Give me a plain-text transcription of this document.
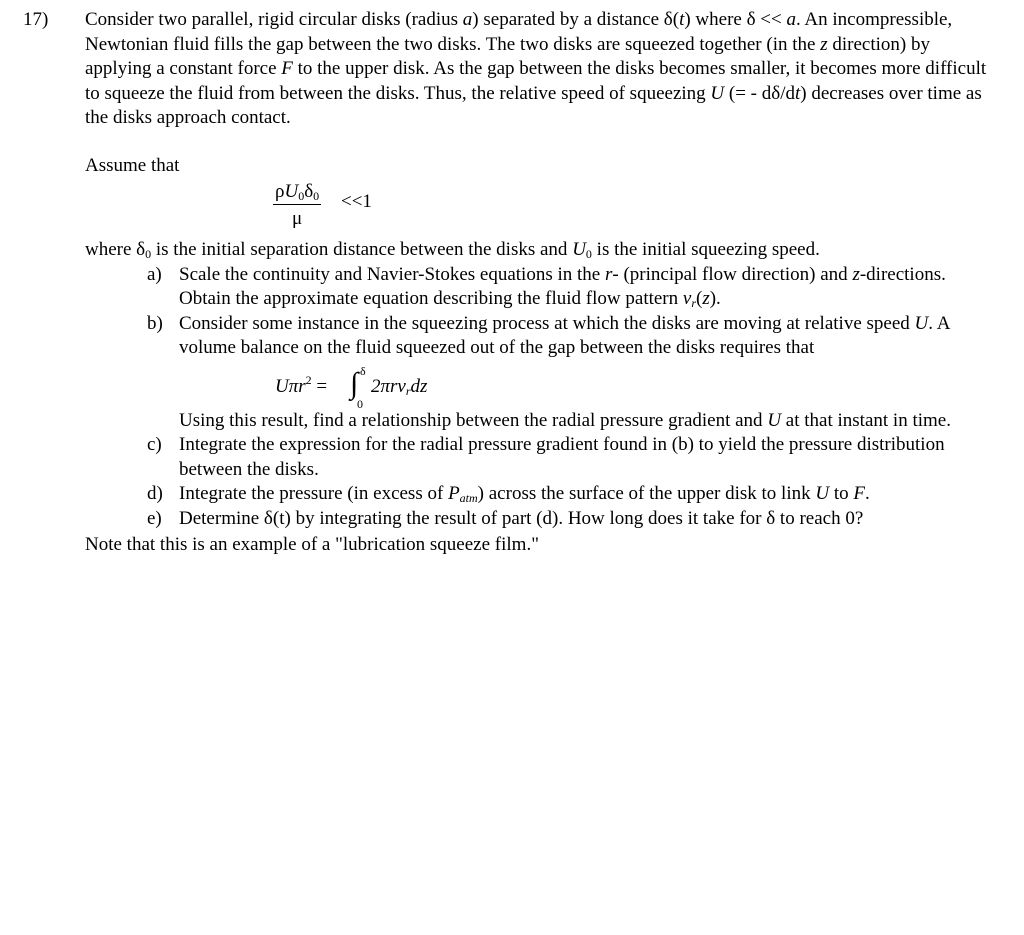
17) Consider two parallel, rigid circular disks (radius a) separated by a distance δ(t) where δ << a. An incompressible, Newtonian fluid fills the gap between the two disks. The two disks are squeezed together (in the z direction) by applying a constant force F to the upper disk. As the gap between the disks becomes smaller, it becomes more difficult to squeeze the fluid from between the disks. Thus, the relative speed of squeezing U (= - dδ/dt) decreases over time as the disks approach contact.

Assume that

$\frac{\rho U_0\delta_0}{\mu} <<1$

where $\delta_0$ is the initial separation distance between the disks and $U_0$ is the initial squeezing speed.

a) Scale the continuity and Navier-Stokes equations in the r- (principal flow direction) and z-directions. Obtain the approximate equation describing the fluid flow pattern $v_r(z)$.
b) Consider some instance in the squeezing process at which the disks are moving at relative speed U. A volume balance on the fluid squeezed out of the gap between the disks requires that
Uπr$^2$ = ∫ δ
0
2πrv$_r$dz
Using this result, find a relationship between the radial pressure gradient and U at that instant in time.
c) Integrate the expression for the radial pressure gradient found in (b) to yield the pressure distribution between the disks.
d) Integrate the pressure (in excess of $P_{atm}$) across the surface of the upper disk to link U to F.
e) Determine δ(t) by integrating the result of part (d). How long does it take for δ to reach 0?

Note that this is an example of a "lubrication squeeze film."
